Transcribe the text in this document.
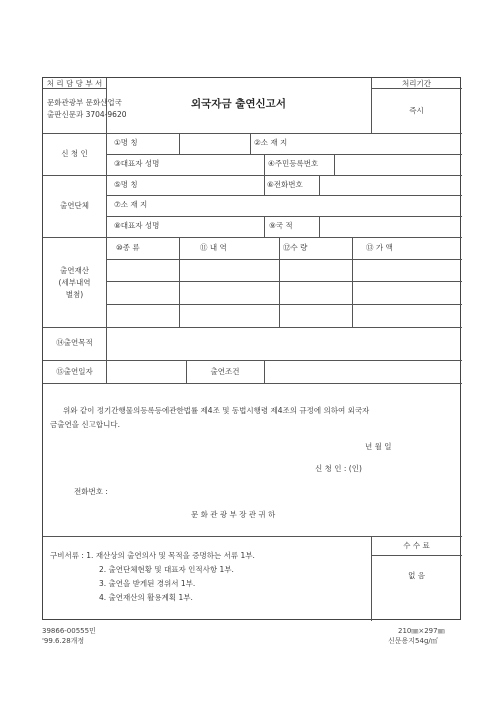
처 리 담 당 부 서
문화관광부 문화산업국
출판신문과 3704-9620
외국자금 출연신고서
처리기간
즉시
신 청 인
①명 칭	②소 재 지
③대표자 성명	④주민등록번호
출연단체
⑤명 칭	⑥전화번호
⑦소 재 지
⑧대표자 성명	⑨국 적
출연재산
(세부내역
별첨)
⑩종 류	⑪ 내 역	⑫수 량	⑬ 가 액
⑭출연목적
⑮출연일자	출연조건
위와 같이 정기간행물의등록등에관한법률 제4조 및 동법시행령 제4조의 규정에 의하여 외국자
금출연을 신고합니다.
년 월 일
신 청 인 : (인)
전화번호 :
문 화 관 광 부 장 관 귀 하
구비서류 : 1. 재산상의 출연의사 및 목적을 증명하는 서류 1부.
2. 출연단체현황 및 대표자 인적사항 1부.
3. 출연을 받게된 경위서 1부.
4. 출연재산의 활용계획 1부.
수 수 료
없 음
39866-00555민
'99.6.28개정
210㎜×297㎜
신문용지54g/㎡
